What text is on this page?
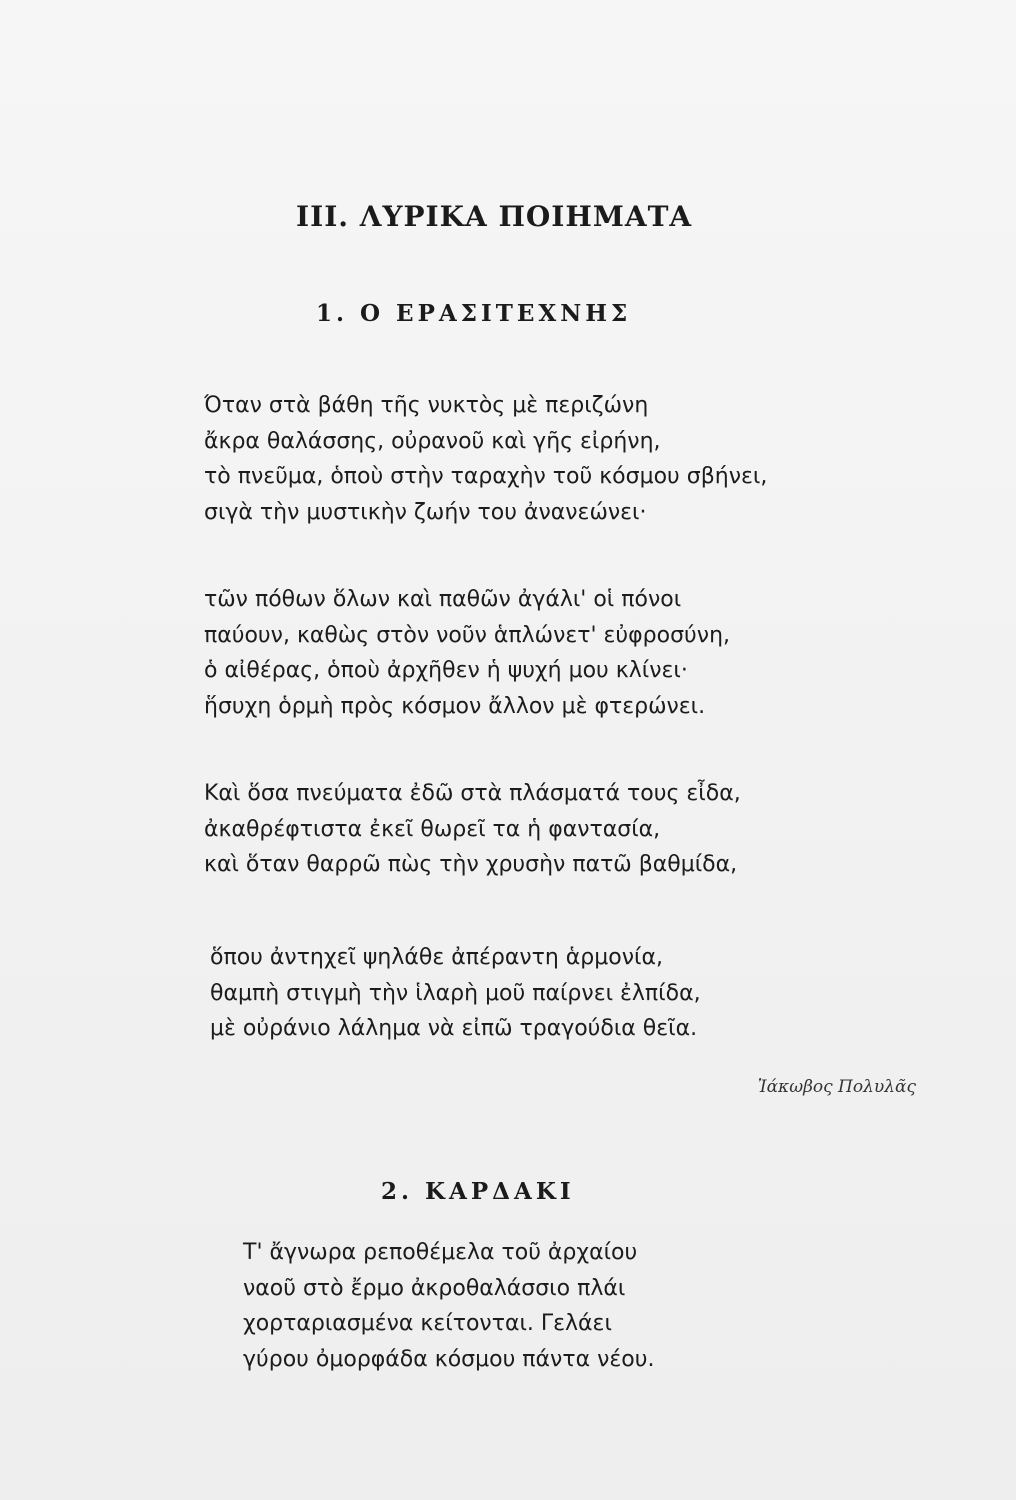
III. ΛΥΡΙΚΑ ΠΟΙΗΜΑΤΑ
1. Ο ΕΡΑΣΙΤΕΧΝΗΣ
Όταν στὰ βάθη τῆς νυκτὸς μὲ περιζώνη
ἄκρα θαλάσσης, οὐρανοῦ καὶ γῆς εἰρήνη,
τὸ πνεῦμα, ὁποὺ στὴν ταραχὴν τοῦ κόσμου σβήνει,
σιγὰ τὴν μυστικὴν ζωήν του ἀνανεώνει·
τῶν πόθων ὅλων καὶ παθῶν ἀγάλι' οἱ πόνοι
παύουν, καθὼς στὸν νοῦν ἁπλώνετ' εὐφροσύνη,
ὁ αἰθέρας, ὁποὺ ἀρχῆθεν ἡ ψυχή μου κλίνει·
ἥσυχη ὁρμὴ πρὸς κόσμον ἄλλον μὲ φτερώνει.
Καὶ ὅσα πνεύματα ἐδῶ στὰ πλάσματά τους εἶδα,
ἀκαθρέφτιστα ἐκεῖ θωρεῖ τα ἡ φαντασία,
καὶ ὅταν θαρρῶ πὼς τὴν χρυσὴν πατῶ βαθμίδα,
ὅπου ἀντηχεῖ ψηλάθε ἀπέραντη ἁρμονία,
θαμπὴ στιγμὴ τὴν ἱλαρὴ μοῦ παίρνει ἐλπίδα,
μὲ οὐράνιο λάλημα νὰ εἰπῶ τραγούδια θεῖα.
Ἰάκωβος Πολυλᾶς
2. ΚΑΡΔΑΚΙ
Τ' ἄγνωρα ρεποθέμελα τοῦ ἀρχαίου
ναοῦ στὸ ἔρμο ἀκροθαλάσσιο πλάι
χορταριασμένα κείτονται. Γελάει
γύρου ὀμορφάδα κόσμου πάντα νέου.
